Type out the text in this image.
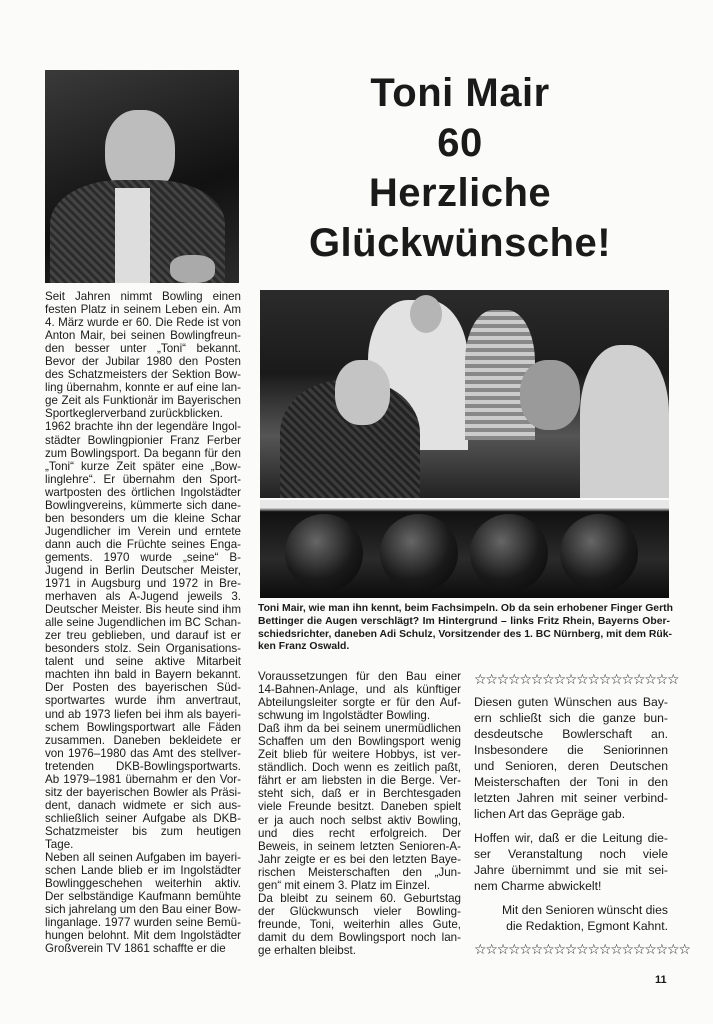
Toni Mair
60
Herzliche
Glückwünsche!
Toni Mair, wie man ihn kennt, beim Fachsimpeln. Ob da sein erhobener Finger Gerth
Bettinger die Augen verschlägt? Im Hintergrund – links Fritz Rhein, Bayerns Ober-
schiedsrichter, daneben Adi Schulz, Vorsitzender des 1. BC Nürnberg, mit dem Rük-
ken Franz Oswald.
Seit Jahren nimmt Bowling einen
festen Platz in seinem Leben ein. Am
4. März wurde er 60. Die Rede ist von
Anton Mair, bei seinen Bowlingfreun-
den besser unter „Toni“ bekannt.
Bevor der Jubilar 1980 den Posten
des Schatzmeisters der Sektion Bow-
ling übernahm, konnte er auf eine lan-
ge Zeit als Funktionär im Bayerischen
Sportkeglerverband zurückblicken.
1962 brachte ihn der legendäre Ingol-
städter Bowlingpionier Franz Ferber
zum Bowlingsport. Da begann für den
„Toni“ kurze Zeit später eine „Bow-
linglehre“. Er übernahm den Sport-
wartposten des örtlichen Ingolstädter
Bowlingvereins, kümmerte sich dane-
ben besonders um die kleine Schar
Jugendlicher im Verein und erntete
dann auch die Früchte seines Enga-
gements. 1970 wurde „seine“ B-
Jugend in Berlin Deutscher Meister,
1971 in Augsburg und 1972 in Bre-
merhaven als A-Jugend jeweils 3.
Deutscher Meister. Bis heute sind ihm
alle seine Jugendlichen im BC Schan-
zer treu geblieben, und darauf ist er
besonders stolz. Sein Organisations-
talent und seine aktive Mitarbeit
machten ihn bald in Bayern bekannt.
Der Posten des bayerischen Süd-
sportwartes wurde ihm anvertraut,
und ab 1973 liefen bei ihm als bayeri-
schem Bowlingsportwart alle Fäden
zusammen. Daneben bekleidete er
von 1976–1980 das Amt des stellver-
tretenden DKB-Bowlingsportwarts.
Ab 1979–1981 übernahm er den Vor-
sitz der bayerischen Bowler als Präsi-
dent, danach widmete er sich aus-
schließlich seiner Aufgabe als DKB-
Schatzmeister bis zum heutigen
Tage.
Neben all seinen Aufgaben im bayeri-
schen Lande blieb er im Ingolstädter
Bowlinggeschehen weiterhin aktiv.
Der selbständige Kaufmann bemühte
sich jahrelang um den Bau einer Bow-
linganlage. 1977 wurden seine Bemü-
hungen belohnt. Mit dem Ingolstädter
Großverein TV 1861 schaffte er die
Voraussetzungen für den Bau einer
14-Bahnen-Anlage, und als künftiger
Abteilungsleiter sorgte er für den Auf-
schwung im Ingolstädter Bowling.
Daß ihm da bei seinem unermüdlichen
Schaffen um den Bowlingsport wenig
Zeit blieb für weitere Hobbys, ist ver-
ständlich. Doch wenn es zeitlich paßt,
fährt er am liebsten in die Berge. Ver-
steht sich, daß er in Berchtesgaden
viele Freunde besitzt. Daneben spielt
er ja auch noch selbst aktiv Bowling,
und dies recht erfolgreich. Der
Beweis, in seinem letzten Senioren-A-
Jahr zeigte er es bei den letzten Baye-
rischen Meisterschaften den „Jun-
gen“ mit einem 3. Platz im Einzel.
Da bleibt zu seinem 60. Geburtstag
der Glückwunsch vieler Bowling-
freunde, Toni, weiterhin alles Gute,
damit du dem Bowlingsport noch lan-
ge erhalten bleibst.
☆☆☆☆☆☆☆☆☆☆☆☆☆☆☆☆☆☆
Diesen guten Wünschen aus Bay-
ern schließt sich die ganze bun-
desdeutsche Bowlerschaft an.
Insbesondere die Seniorinnen
und Senioren, deren Deutschen
Meisterschaften der Toni in den
letzten Jahren mit seiner verbind-
lichen Art das Gepräge gab.
Hoffen wir, daß er die Leitung die-
ser Veranstaltung noch viele
Jahre übernimmt und sie mit sei-
nem Charme abwickelt!
Mit den Senioren wünscht dies
die Redaktion, Egmont Kahnt.
☆☆☆☆☆☆☆☆☆☆☆☆☆☆☆☆☆☆☆
11
